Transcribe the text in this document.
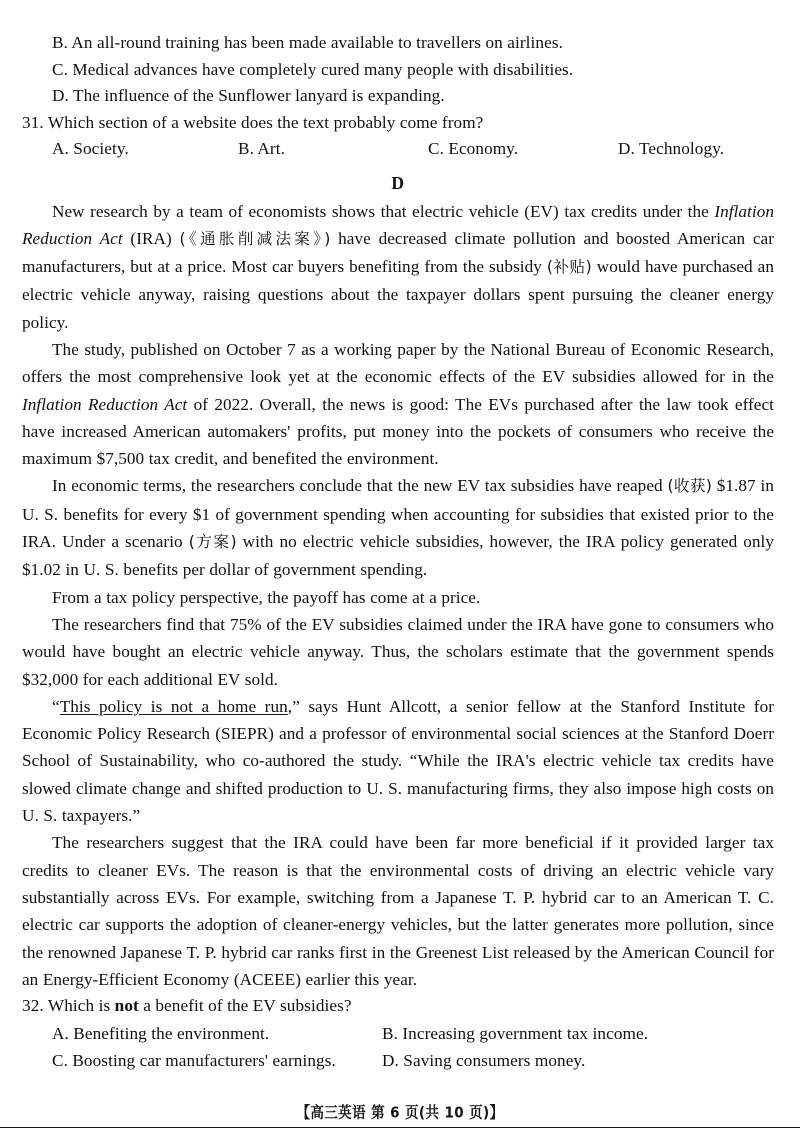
B. An all-round training has been made available to travellers on airlines.
C. Medical advances have completely cured many people with disabilities.
D. The influence of the Sunflower lanyard is expanding.
31. Which section of a website does the text probably come from?
A. Society.	B. Art.	C. Economy.	D. Technology.
D

New research by a team of economists shows that electric vehicle (EV) tax credits under the Inflation Reduction Act (IRA) (《通胀削减法案》) have decreased climate pollution and boosted American car manufacturers, but at a price. Most car buyers benefiting from the subsidy (补贴) would have purchased an electric vehicle anyway, raising questions about the taxpayer dollars spent pursuing the cleaner energy policy.

The study, published on October 7 as a working paper by the National Bureau of Economic Research, offers the most comprehensive look yet at the economic effects of the EV subsidies allowed for in the Inflation Reduction Act of 2022. Overall, the news is good: The EVs purchased after the law took effect have increased American automakers' profits, put money into the pockets of consumers who receive the maximum $7,500 tax credit, and benefited the environment.

In economic terms, the researchers conclude that the new EV tax subsidies have reaped (收获) $1.87 in U. S. benefits for every $1 of government spending when accounting for subsidies that existed prior to the IRA. Under a scenario (方案) with no electric vehicle subsidies, however, the IRA policy generated only $1.02 in U. S. benefits per dollar of government spending.

From a tax policy perspective, the payoff has come at a price.

The researchers find that 75% of the EV subsidies claimed under the IRA have gone to consumers who would have bought an electric vehicle anyway. Thus, the scholars estimate that the government spends $32,000 for each additional EV sold.

“This policy is not a home run,” says Hunt Allcott, a senior fellow at the Stanford Institute for Economic Policy Research (SIEPR) and a professor of environmental social sciences at the Stanford Doerr School of Sustainability, who co-authored the study. “While the IRA's electric vehicle tax credits have slowed climate change and shifted production to U. S. manufacturing firms, they also impose high costs on U. S. taxpayers.”

The researchers suggest that the IRA could have been far more beneficial if it provided larger tax credits to cleaner EVs. The reason is that the environmental costs of driving an electric vehicle vary substantially across EVs. For example, switching from a Japanese T. P. hybrid car to an American T. C. electric car supports the adoption of cleaner-energy vehicles, but the latter generates more pollution, since the renowned Japanese T. P. hybrid car ranks first in the Greenest List released by the American Council for an Energy-Efficient Economy (ACEEE) earlier this year.

32. Which is not a benefit of the EV subsidies?
A. Benefiting the environment.	B. Increasing government tax income.
C. Boosting car manufacturers' earnings.	D. Saving consumers money.
【高三英语 第 6 页(共 10 页)】
